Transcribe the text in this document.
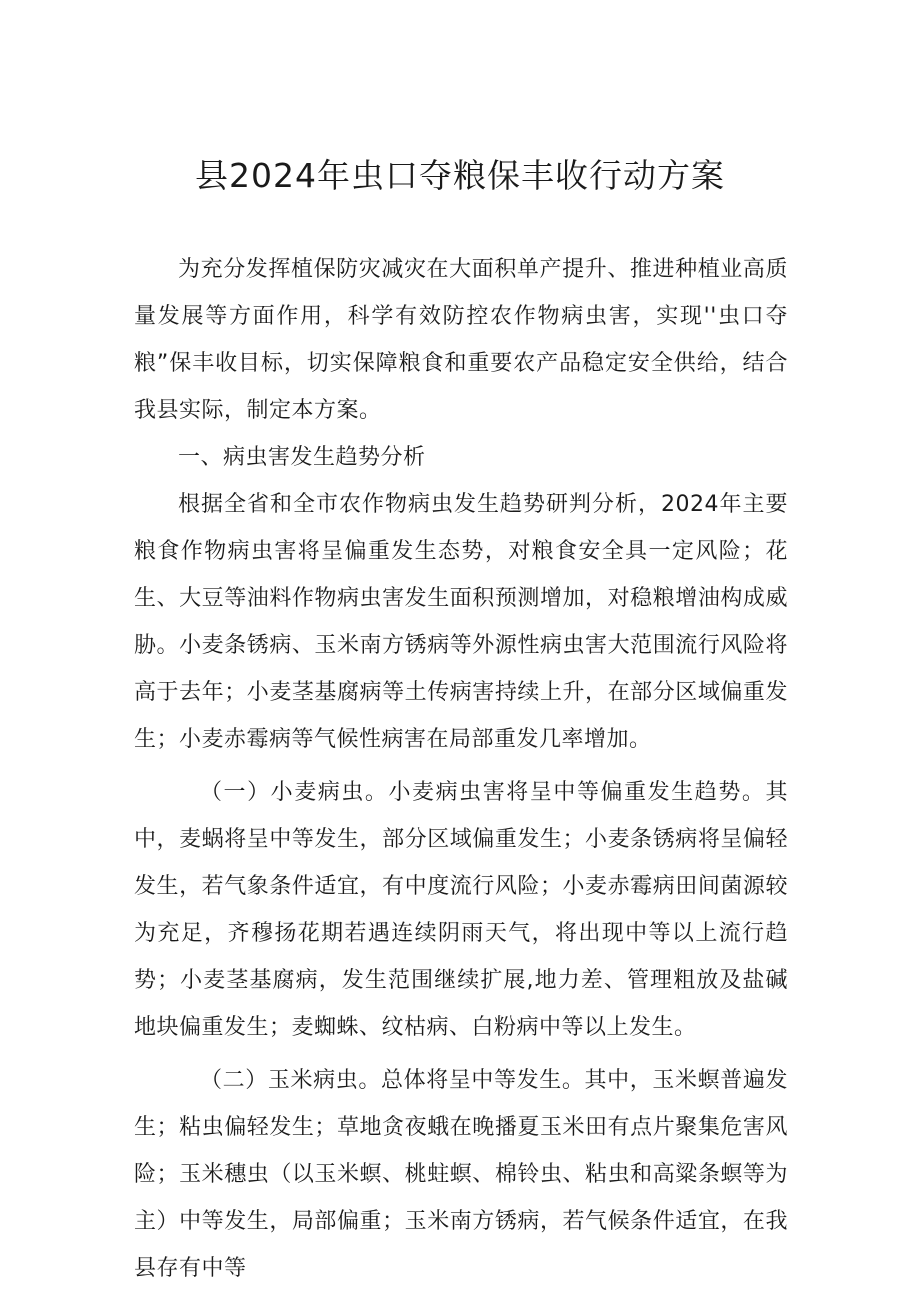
县2024年虫口夺粮保丰收行动方案

为充分发挥植保防灾减灾在大面积单产提升、推进种植业高质量发展等方面作用，科学有效防控农作物病虫害，实现''虫口夺粮”保丰收目标，切实保障粮食和重要农产品稳定安全供给，结合我县实际，制定本方案。

一、病虫害发生趋势分析

根据全省和全市农作物病虫发生趋势研判分析，2024年主要粮食作物病虫害将呈偏重发生态势，对粮食安全具一定风险；花生、大豆等油料作物病虫害发生面积预测增加，对稳粮增油构成威胁。小麦条锈病、玉米南方锈病等外源性病虫害大范围流行风险将高于去年；小麦茎基腐病等土传病害持续上升，在部分区域偏重发生；小麦赤霉病等气候性病害在局部重发几率增加。

（一）小麦病虫。小麦病虫害将呈中等偏重发生趋势。其中，麦蜗将呈中等发生，部分区域偏重发生；小麦条锈病将呈偏轻发生，若气象条件适宜，有中度流行风险；小麦赤霉病田间菌源较为充足，齐穆扬花期若遇连续阴雨天气，将出现中等以上流行趋势；小麦茎基腐病，发生范围继续扩展,地力差、管理粗放及盐碱地块偏重发生；麦蜘蛛、纹枯病、白粉病中等以上发生。

（二）玉米病虫。总体将呈中等发生。其中，玉米螟普遍发生；粘虫偏轻发生；草地贪夜蛾在晚播夏玉米田有点片聚集危害风险；玉米穗虫（以玉米螟、桃蛀螟、棉铃虫、粘虫和高粱条螟等为主）中等发生，局部偏重；玉米南方锈病，若气候条件适宜，在我县存有中等
